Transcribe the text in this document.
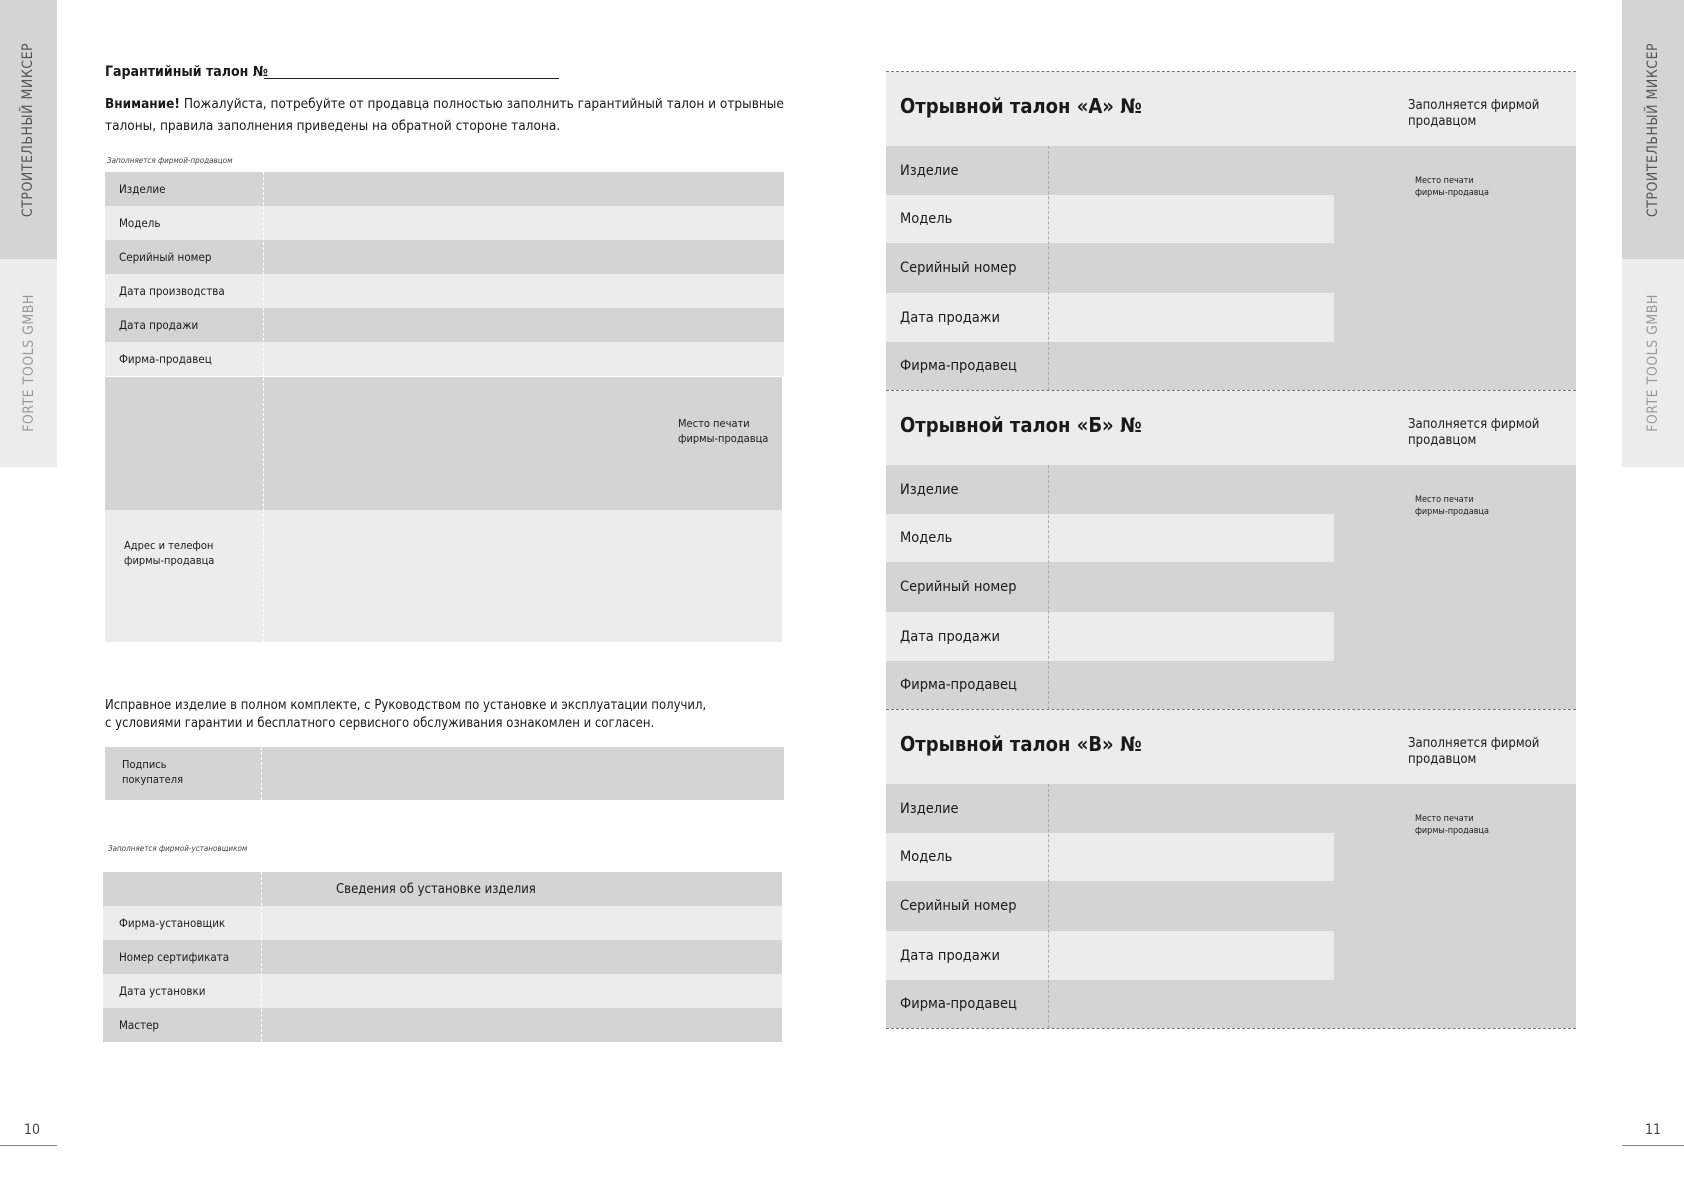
СТРОИТЕЛЬНЫЙ МИКСЕР
FORTE TOOLS GMBH
СТРОИТЕЛЬНЫЙ МИКСЕР
FORTE TOOLS GMBH
10	11
Гарантийный талон №
Внимание! Пожалуйста, потребуйте от продавца полностью заполнить гарантийный талон и отрывные талоны, правила заполнения приведены на обратной стороне талона.
Заполняется фирмой-продавцом
Изделие
Модель
Серийный номер
Дата производства
Дата продажи
Фирма-продавец
Место печати
фирмы-продавца
Адрес и телефон
фирмы-продавца
Исправное изделие в полном комплекте, с Руководством по установке и эксплуатации получил,
с условиями гарантии и бесплатного сервисного обслуживания ознакомлен и согласен.
Подпись
покупателя
Заполняется фирмой-установщиком
Сведения об установке изделия
Фирма-установщик
Номер сертификата
Дата установки
Мастер
Отрывной талон «А» №	Заполняется фирмой
продавцом
Изделие
Модель
Серийный номер
Дата продажи
Фирма-продавец
Место печати
фирмы-продавца
Отрывной талон «Б» №	Заполняется фирмой
продавцом
Изделие
Модель
Серийный номер
Дата продажи
Фирма-продавец
Место печати
фирмы-продавца
Отрывной талон «В» №	Заполняется фирмой
продавцом
Изделие
Модель
Серийный номер
Дата продажи
Фирма-продавец
Место печати
фирмы-продавца
